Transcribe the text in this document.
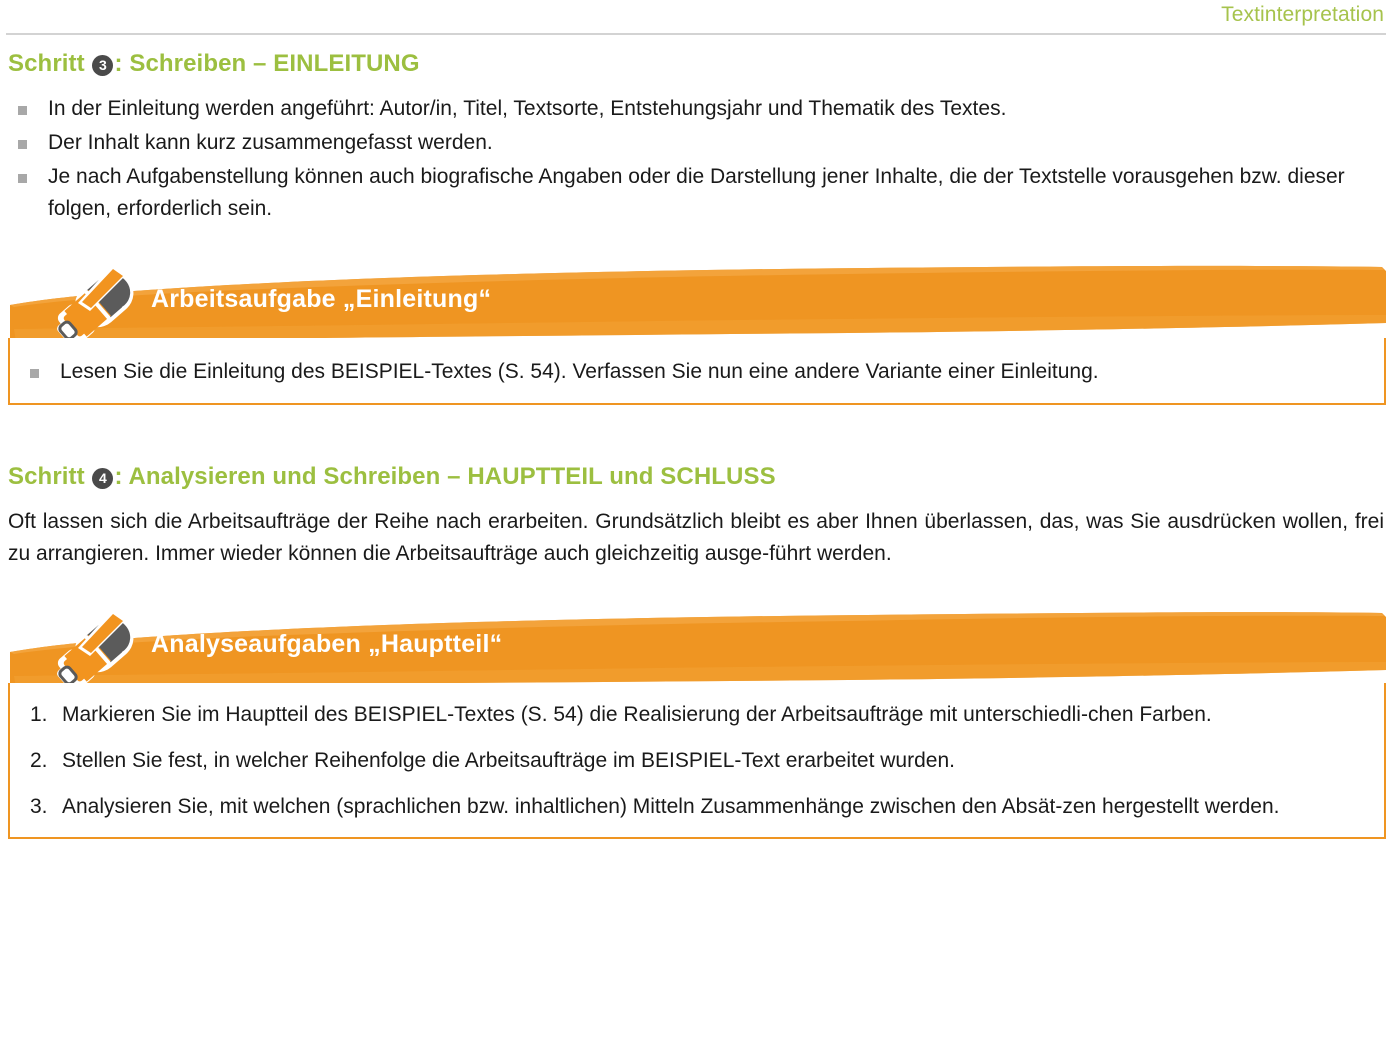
Textinterpretation
Schritt 3 : Schreiben – EINLEITUNG
In der Einleitung werden angeführt: Autor/in, Titel, Textsorte, Entstehungsjahr und Thematik des Textes.
Der Inhalt kann kurz zusammengefasst werden.
Je nach Aufgabenstellung können auch biografische Angaben oder die Darstellung jener Inhalte, die der Textstelle vorausgehen bzw. dieser folgen, erforderlich sein.
Arbeitsaufgabe „Einleitung“
Lesen Sie die Einleitung des BEISPIEL-Textes (S. 54). Verfassen Sie nun eine andere Variante einer Einleitung.
Schritt 4 : Analysieren und Schreiben – HAUPTTEIL und SCHLUSS

Oft lassen sich die Arbeitsaufträge der Reihe nach erarbeiten. Grundsätzlich bleibt es aber Ihnen überlassen, das, was Sie ausdrücken wollen, frei zu arrangieren. Immer wieder können die Arbeitsaufträge auch gleichzeitig ausge-führt werden.

Analyseaufgaben „Hauptteil“
1. Markieren Sie im Hauptteil des BEISPIEL-Textes (S. 54) die Realisierung der Arbeitsaufträge mit unterschiedli-chen Farben.
2. Stellen Sie fest, in welcher Reihenfolge die Arbeitsaufträge im BEISPIEL-Text erarbeitet wurden.
3. Analysieren Sie, mit welchen (sprachlichen bzw. inhaltlichen) Mitteln Zusammenhänge zwischen den Absät-zen hergestellt werden.
